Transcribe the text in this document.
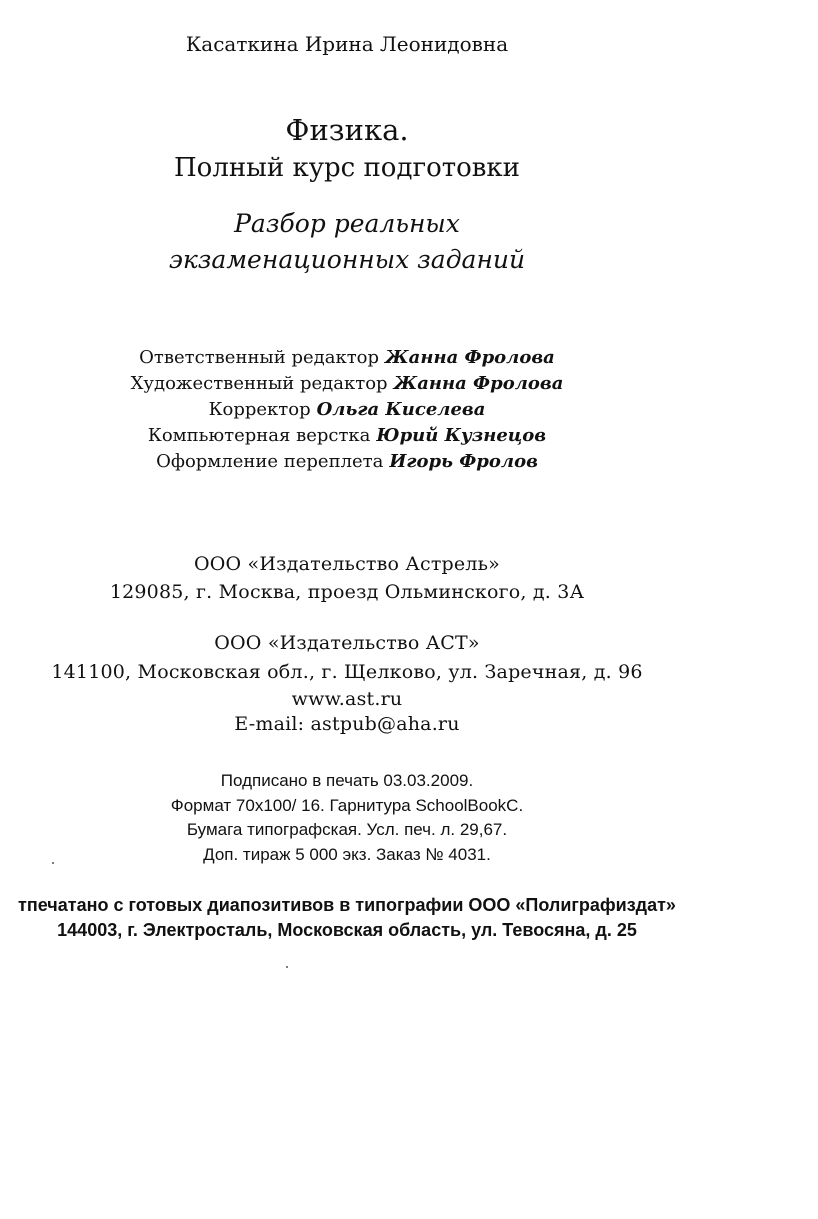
Касаткина Ирина Леонидовна
Физика.
Полный курс подготовки
Разбор реальных
экзаменационных заданий
Ответственный редактор Жанна Фролова
Художественный редактор Жанна Фролова
Корректор Ольга Киселева
Компьютерная верстка Юрий Кузнецов
Оформление переплета Игорь Фролов
ООО «Издательство Астрель»
129085, г. Москва, проезд Ольминского, д. 3А
ООО «Издательство АСТ»
141100, Московская обл., г. Щелково, ул. Заречная, д. 96
www.ast.ru
E-mail: astpub@aha.ru
Подписано в печать 03.03.2009.
Формат 70x100/ 16. Гарнитура SchoolBookC.
Бумага типографская. Усл. печ. л. 29,67.
Доп. тираж 5 000 экз. Заказ № 4031.
тпечатано с готовых диапозитивов в типографии ООО «Полиграфиздат»
144003, г. Электросталь, Московская область, ул. Тевосяна, д. 25
